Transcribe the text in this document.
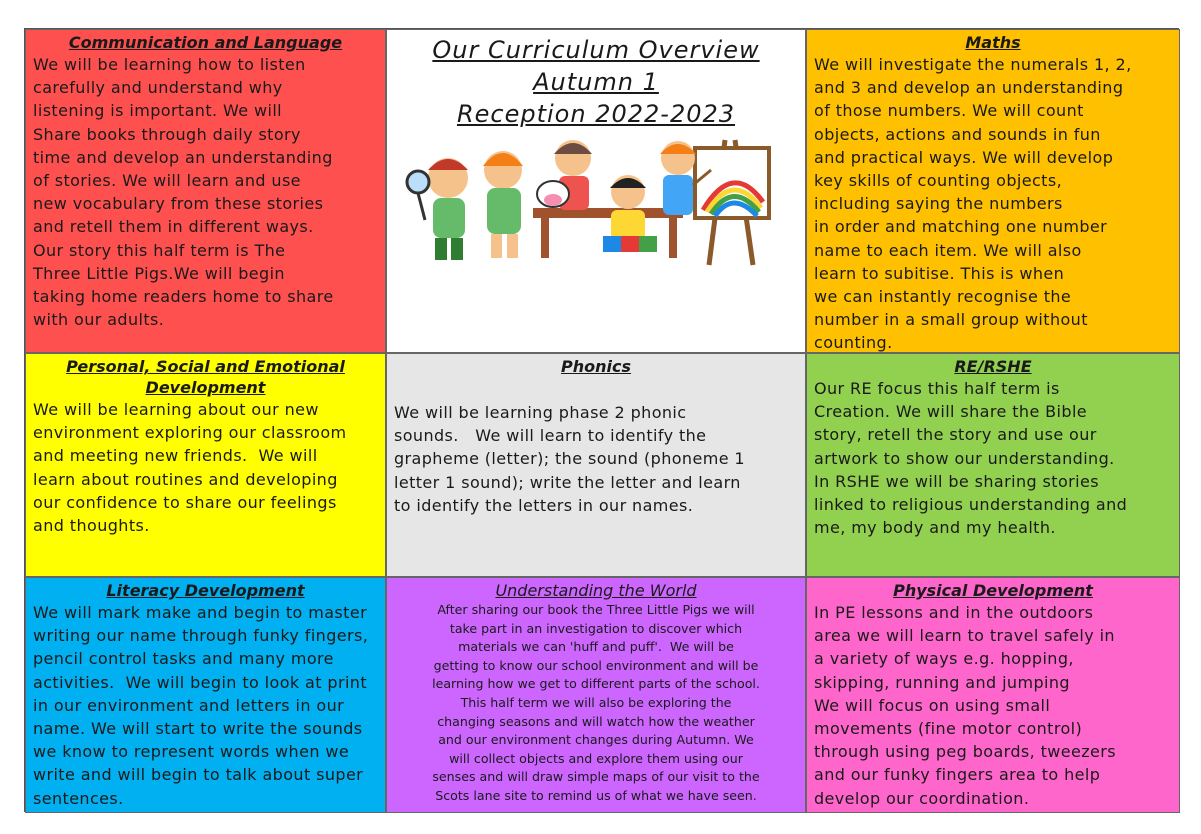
Communication and Language
We will be learning how to listen
carefully and understand why
listening is important. We will
Share books through daily story
time and develop an understanding
of stories. We will learn and use
new vocabulary from these stories
and retell them in different ways.
Our story this half term is The
Three Little Pigs.We will begin
taking home readers home to share
with our adults.
Our Curriculum Overview
Autumn 1
Reception 2022-2023
Maths
We will investigate the numerals 1, 2,
and 3 and develop an understanding
of those numbers. We will count
objects, actions and sounds in fun
and practical ways. We will develop
key skills of counting objects,
including saying the numbers
in order and matching one number
name to each item. We will also
learn to subitise. This is when
we can instantly recognise the
number in a small group without
counting.
Personal, Social and Emotional
Development
We will be learning about our new
environment exploring our classroom
and meeting new friends.  We will
learn about routines and developing
our confidence to share our feelings
and thoughts.
Phonics
We will be learning phase 2 phonic
sounds.   We will learn to identify the
grapheme (letter); the sound (phoneme 1
letter 1 sound); write the letter and learn
to identify the letters in our names.
RE/RSHE
Our RE focus this half term is
Creation. We will share the Bible
story, retell the story and use our
artwork to show our understanding.
In RSHE we will be sharing stories
linked to religious understanding and
me, my body and my health.
Literacy Development
We will mark make and begin to master
writing our name through funky fingers,
pencil control tasks and many more
activities.  We will begin to look at print
in our environment and letters in our
name. We will start to write the sounds
we know to represent words when we
write and will begin to talk about super
sentences.
Understanding the World
After sharing our book the Three Little Pigs we will
take part in an investigation to discover which
materials we can 'huff and puff'.  We will be
getting to know our school environment and will be
learning how we get to different parts of the school.
This half term we will also be exploring the
changing seasons and will watch how the weather
and our environment changes during Autumn. We
will collect objects and explore them using our
senses and will draw simple maps of our visit to the
Scots lane site to remind us of what we have seen.
Physical Development
In PE lessons and in the outdoors
area we will learn to travel safely in
a variety of ways e.g. hopping,
skipping, running and jumping
We will focus on using small
movements (fine motor control)
through using peg boards, tweezers
and our funky fingers area to help
develop our coordination.
